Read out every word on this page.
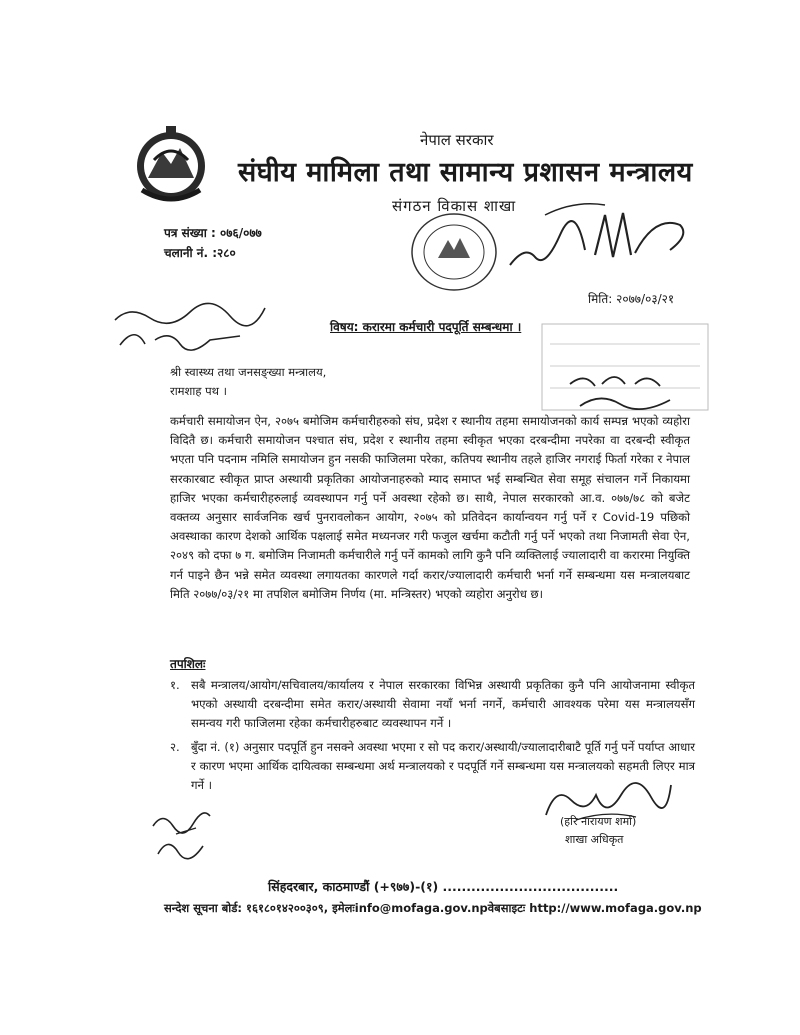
नेपाल सरकार
संघीय मामिला तथा सामान्य प्रशासन मन्त्रालय
संगठन विकास शाखा
पत्र संख्या : ०७६/०७७
चलानी नं. :२८०
मिति: २०७७/०३/२१
विषय: करारमा कर्मचारी पदपूर्ति सम्बन्धमा ।
श्री स्वास्थ्य तथा जनसङ्ख्या मन्त्रालय,
रामशाह पथ ।
कर्मचारी समायोजन ऐन, २०७५ बमोजिम कर्मचारीहरुको संघ, प्रदेश र स्थानीय तहमा समायोजनको कार्य सम्पन्न भएको व्यहोरा विदितै छ। कर्मचारी समायोजन पश्चात संघ, प्रदेश र स्थानीय तहमा स्वीकृत भएका दरबन्दीमा नपरेका वा दरबन्दी स्वीकृत भएता पनि पदनाम नमिलि समायोजन हुन नसकी फाजिलमा परेका, कतिपय स्थानीय तहले हाजिर नगराई फिर्ता गरेका र नेपाल सरकारबाट स्वीकृत प्राप्त अस्थायी प्रकृतिका आयोजनाहरुको म्याद समाप्त भई सम्बन्धित सेवा समूह संचालन गर्ने निकायमा हाजिर भएका कर्मचारीहरुलाई व्यवस्थापन गर्नु पर्ने अवस्था रहेको छ। साथै, नेपाल सरकारको आ.व. ०७७/७८ को बजेट वक्तव्य अनुसार सार्वजनिक खर्च पुनरावलोकन आयोग, २०७५ को प्रतिवेदन कार्यान्वयन गर्नु पर्ने र Covid-19 पछिको अवस्थाका कारण देशको आर्थिक पक्षलाई समेत मध्यनजर गरी फजुल खर्चमा कटौती गर्नु पर्ने भएको तथा निजामती सेवा ऐन, २०४९ को दफा ७ ग. बमोजिम निजामती कर्मचारीले गर्नु पर्ने कामको लागि कुनै पनि व्यक्तिलाई ज्यालादारी वा करारमा नियुक्ति गर्न पाइने छैन भन्ने समेत व्यवस्था लगायतका कारणले गर्दा करार/ज्यालादारी कर्मचारी भर्ना गर्ने सम्बन्धमा यस मन्त्रालयबाट मिति २०७७/०३/२१ मा तपशिल बमोजिम निर्णय (मा. मन्त्रिस्तर) भएको व्यहोरा अनुरोध छ।
तपशिलः
१. सबै मन्त्रालय/आयोग/सचिवालय/कार्यालय र नेपाल सरकारका विभिन्न अस्थायी प्रकृतिका कुनै पनि आयोजनामा स्वीकृत भएको अस्थायी दरबन्दीमा समेत करार/अस्थायी सेवामा नयाँ भर्ना नगर्ने, कर्मचारी आवश्यक परेमा यस मन्त्रालयसँग समन्वय गरी फाजिलमा रहेका कर्मचारीहरुबाट व्यवस्थापन गर्ने ।
२. बुँदा नं. (१) अनुसार पदपूर्ति हुन नसक्ने अवस्था भएमा र सो पद करार/अस्थायी/ज्यालादारीबाटै पूर्ति गर्नु पर्ने पर्याप्त आधार र कारण भएमा आर्थिक दायित्वका सम्बन्धमा अर्थ मन्त्रालयको र पदपूर्ति गर्ने सम्बन्धमा यस मन्त्रालयको सहमती लिएर मात्र गर्ने ।
(हरि नारायण शर्मा)
शाखा अधिकृत
सिंहदरबार, काठमाण्डौं (+९७७)-(१) .....................................
सन्देश सूचना बोर्ड: १६१८०१४२००३०९, इमेलःinfo@mofaga.gov.npवेबसाइटः http://www.mofaga.gov.np
